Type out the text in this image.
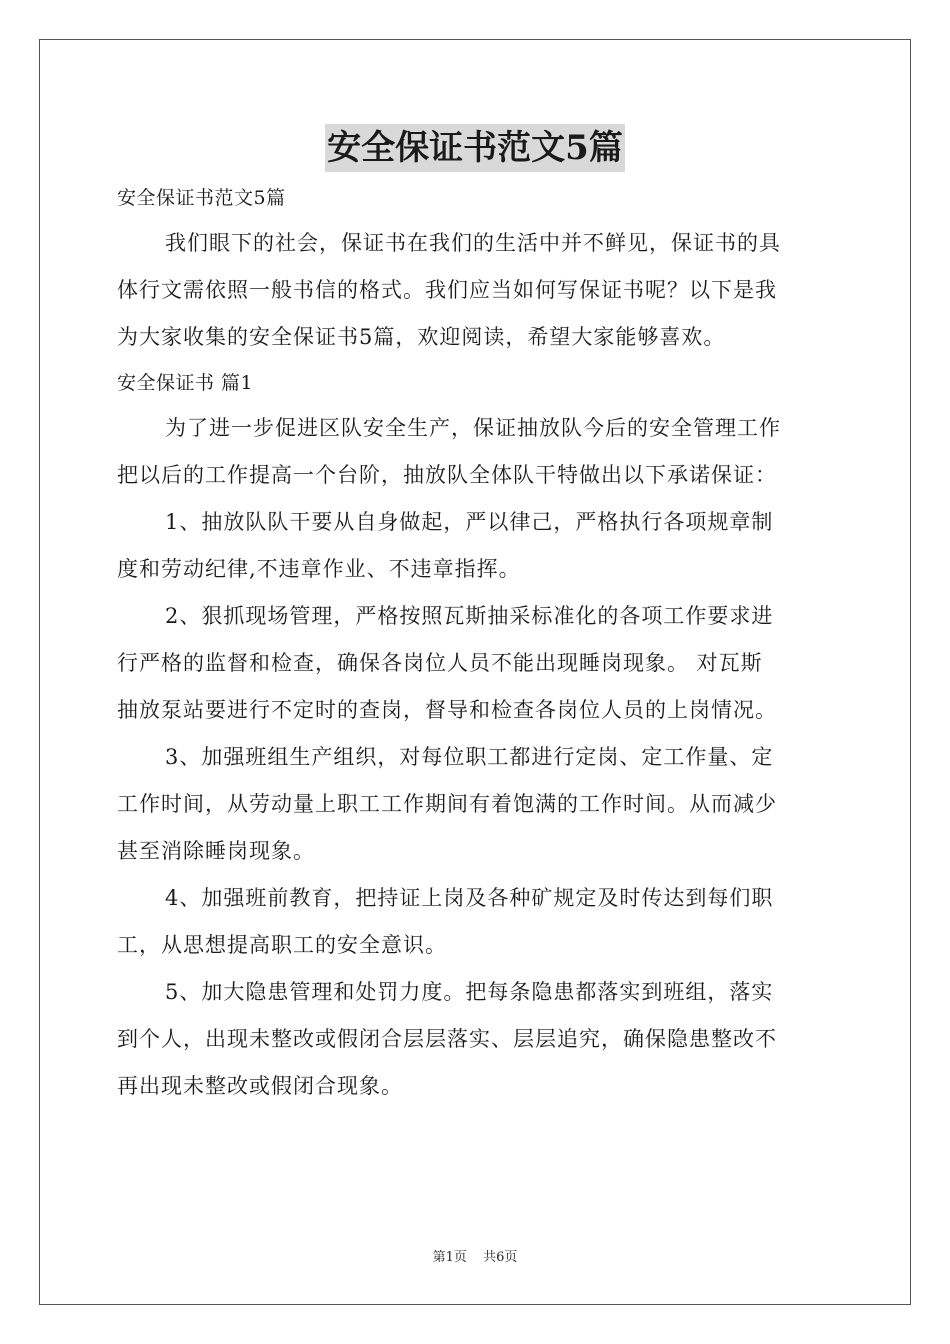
安全保证书范文5篇
安全保证书范文5篇
我们眼下的社会，保证书在我们的生活中并不鲜见，保证书的具
体行文需依照一般书信的格式。我们应当如何写保证书呢？以下是我
为大家收集的安全保证书5篇，欢迎阅读，希望大家能够喜欢。
安全保证书 篇1
为了进一步促进区队安全生产，保证抽放队今后的安全管理工作
把以后的工作提高一个台阶，抽放队全体队干特做出以下承诺保证：
1、抽放队队干要从自身做起，严以律己，严格执行各项规章制
度和劳动纪律,不违章作业、不违章指挥。
2、狠抓现场管理，严格按照瓦斯抽采标准化的各项工作要求进
行严格的监督和检查，确保各岗位人员不能出现睡岗现象。 对瓦斯
抽放泵站要进行不定时的查岗，督导和检查各岗位人员的上岗情况。
3、加强班组生产组织，对每位职工都进行定岗、定工作量、定
工作时间，从劳动量上职工工作期间有着饱满的工作时间。从而减少
甚至消除睡岗现象。
4、加强班前教育，把持证上岗及各种矿规定及时传达到每们职
工，从思想提高职工的安全意识。
5、加大隐患管理和处罚力度。把每条隐患都落实到班组，落实
到个人，出现未整改或假闭合层层落实、层层追究，确保隐患整改不
再出现未整改或假闭合现象。
第1页 共6页
